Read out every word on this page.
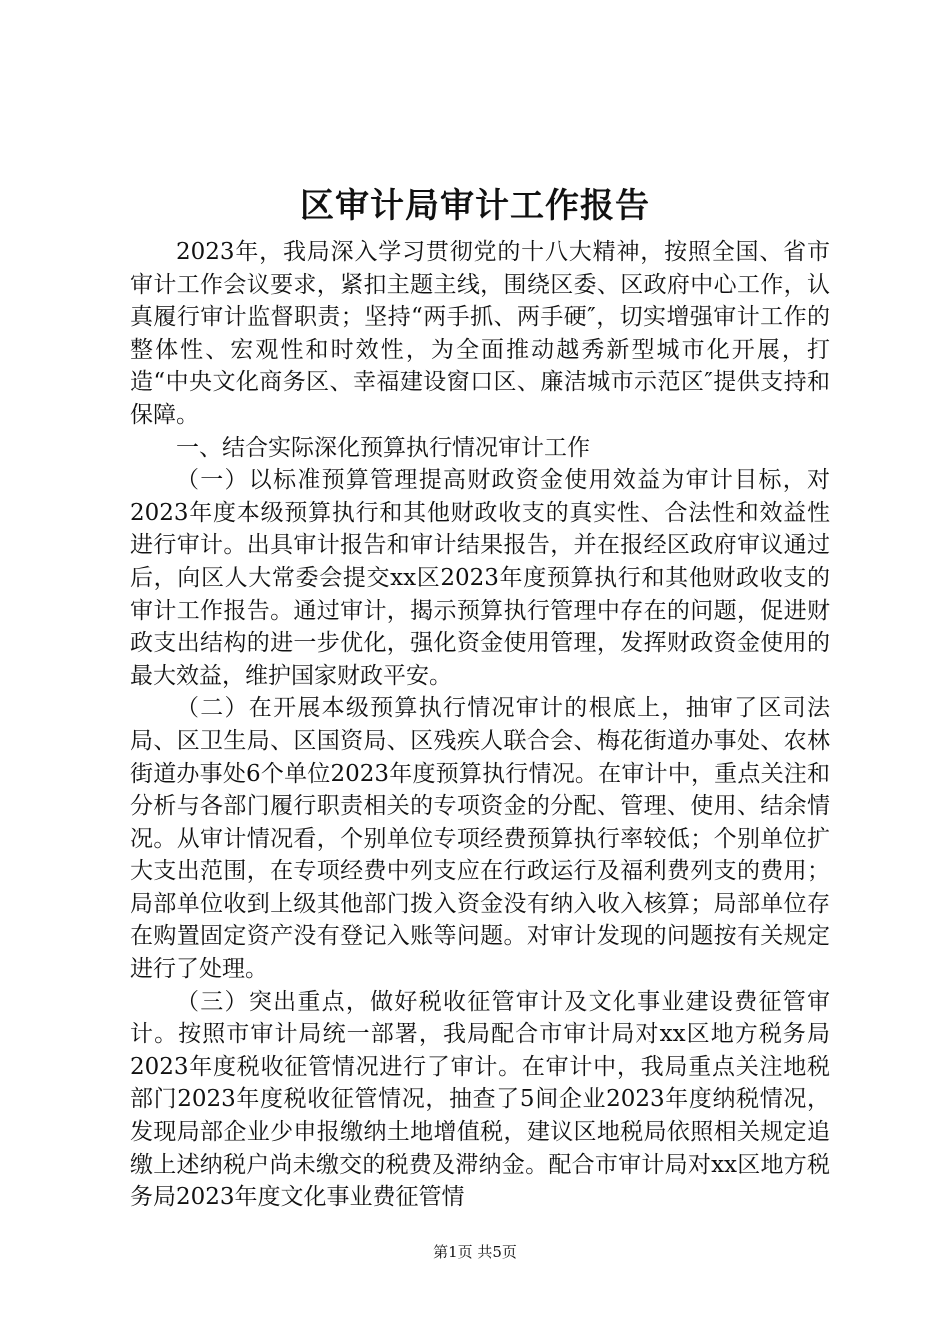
区审计局审计工作报告

2023年，我局深入学习贯彻党的十八大精神，按照全国、省市审计工作会议要求，紧扣主题主线，围绕区委、区政府中心工作，认真履行审计监督职责；坚持“两手抓、两手硬″，切实增强审计工作的整体性、宏观性和时效性，为全面推动越秀新型城市化开展，打造“中央文化商务区、幸福建设窗口区、廉洁城市示范区″提供支持和保障。

一、结合实际深化预算执行情况审计工作

（一）以标准预算管理提高财政资金使用效益为审计目标，对2023年度本级预算执行和其他财政收支的真实性、合法性和效益性进行审计。出具审计报告和审计结果报告，并在报经区政府审议通过后，向区人大常委会提交xx区2023年度预算执行和其他财政收支的审计工作报告。通过审计，揭示预算执行管理中存在的问题，促进财政支出结构的进一步优化，强化资金使用管理，发挥财政资金使用的最大效益，维护国家财政平安。

（二）在开展本级预算执行情况审计的根底上，抽审了区司法局、区卫生局、区国资局、区残疾人联合会、梅花街道办事处、农林街道办事处6个单位2023年度预算执行情况。在审计中，重点关注和分析与各部门履行职责相关的专项资金的分配、管理、使用、结余情况。从审计情况看，个别单位专项经费预算执行率较低；个别单位扩大支出范围，在专项经费中列支应在行政运行及福利费列支的费用；局部单位收到上级其他部门拨入资金没有纳入收入核算；局部单位存在购置固定资产没有登记入账等问题。对审计发现的问题按有关规定进行了处理。

（三）突出重点，做好税收征管审计及文化事业建设费征管审计。按照市审计局统一部署，我局配合市审计局对xx区地方税务局2023年度税收征管情况进行了审计。在审计中，我局重点关注地税部门2023年度税收征管情况，抽查了5间企业2023年度纳税情况，发现局部企业少申报缴纳土地增值税，建议区地税局依照相关规定追缴上述纳税户尚未缴交的税费及滞纳金。配合市审计局对xx区地方税务局2023年度文化事业费征管情

第1页 共5页
